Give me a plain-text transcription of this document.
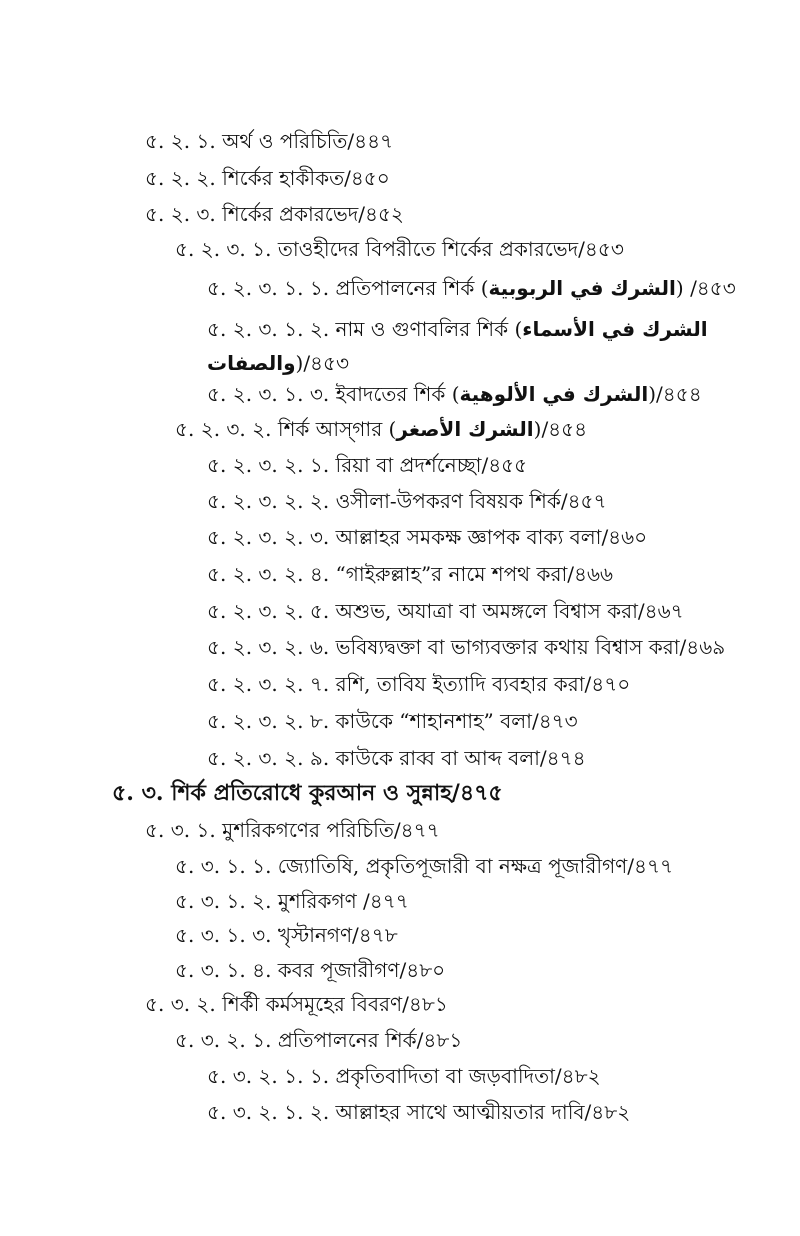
৫. ২. ১. অর্থ ও পরিচিতি/৪৪৭
৫. ২. ২. শির্কের হাকীকত/৪৫০
৫. ২. ৩. শির্কের প্রকারভেদ/৪৫২
৫. ২. ৩. ১. তাওহীদের বিপরীতে শির্কের প্রকারভেদ/৪৫৩
৫. ২. ৩. ১. ১. প্রতিপালনের শির্ক (الشرك في الربوبية) /৪৫৩
৫. ২. ৩. ১. ২. নাম ও গুণাবলির শির্ক (الشرك في الأسماء والصفات)/৪৫৩
৫. ২. ৩. ১. ৩. ইবাদতের শির্ক (الشرك في الألوهية)/৪৫৪
৫. ২. ৩. ২. শির্ক আস্গার (الشرك الأصغر)/৪৫৪
৫. ২. ৩. ২. ১. রিয়া বা প্রদর্শনেচ্ছা/৪৫৫
৫. ২. ৩. ২. ২. ওসীলা-উপকরণ বিষয়ক শির্ক/৪৫৭
৫. ২. ৩. ২. ৩. আল্লাহর সমকক্ষ জ্ঞাপক বাক্য বলা/৪৬০
৫. ২. ৩. ২. ৪. “গাইরুল্লাহ”র নামে শপথ করা/৪৬৬
৫. ২. ৩. ২. ৫. অশুভ, অযাত্রা বা অমঙ্গলে বিশ্বাস করা/৪৬৭
৫. ২. ৩. ২. ৬. ভবিষ্যদ্বক্তা বা ভাগ্যবক্তার কথায় বিশ্বাস করা/৪৬৯
৫. ২. ৩. ২. ৭. রশি, তাবিয ইত্যাদি ব্যবহার করা/৪৭০
৫. ২. ৩. ২. ৮. কাউকে “শাহানশাহ” বলা/৪৭৩
৫. ২. ৩. ২. ৯. কাউকে রাব্ব বা আব্দ বলা/৪৭৪
৫. ৩. শির্ক প্রতিরোধে কুরআন ও সুন্নাহ/৪৭৫
৫. ৩. ১. মুশরিকগণের পরিচিতি/৪৭৭
৫. ৩. ১. ১. জ্যোতিষি, প্রকৃতিপূজারী বা নক্ষত্র পূজারীগণ/৪৭৭
৫. ৩. ১. ২. মুশরিকগণ /৪৭৭
৫. ৩. ১. ৩. খৃস্টানগণ/৪৭৮
৫. ৩. ১. ৪. কবর পূজারীগণ/৪৮০
৫. ৩. ২. শির্কী কর্মসমূহের বিবরণ/৪৮১
৫. ৩. ২. ১. প্রতিপালনের শির্ক/৪৮১
৫. ৩. ২. ১. ১. প্রকৃতিবাদিতা বা জড়বাদিতা/৪৮২
৫. ৩. ২. ১. ২. আল্লাহর সাথে আত্মীয়তার দাবি/৪৮২
